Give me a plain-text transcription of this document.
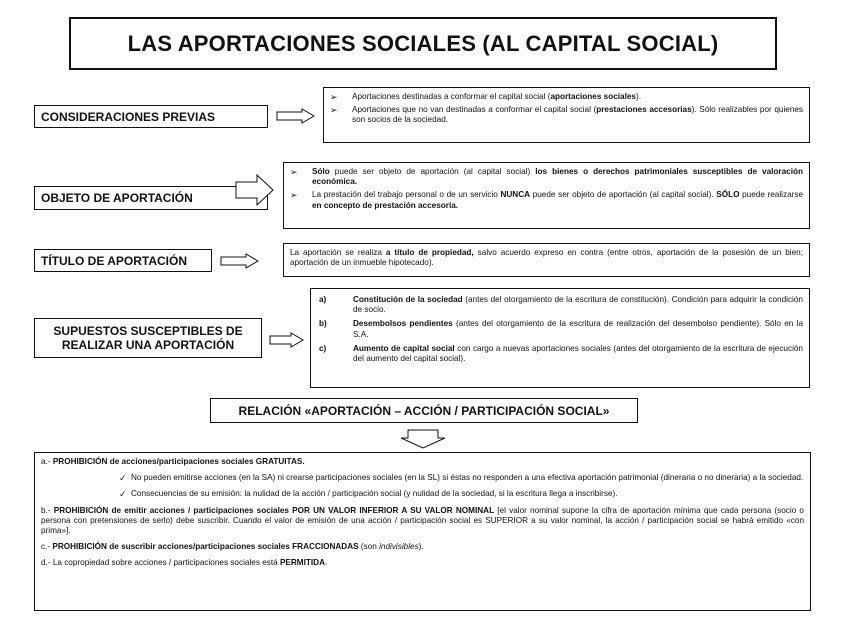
LAS APORTACIONES SOCIALES (AL CAPITAL SOCIAL)
CONSIDERACIONES PREVIAS
➢	Aportaciones destinadas a conformar el capital social (aportaciones sociales).
➢	Aportaciones que no van destinadas a conformar el capital social (prestaciones accesorias). Sólo realizables por quienes son socios de la sociedad.
OBJETO DE APORTACIÓN
➢	Sólo puede ser objeto de aportación (al capital social) los bienes o derechos patrimoniales susceptibles de valoración económica.
➢	La prestación del trabajo personal o de un servicio NUNCA puede ser objeto de aportación (al capital social). SÓLO puede realizarse en concepto de prestación accesoria.
TÍTULO DE APORTACIÓN
La aportación se realiza a título de propiedad, salvo acuerdo expreso en contra (entre otros, aportación de la posesión de un bien; aportación de un inmueble hipotecado).
SUPUESTOS SUSCEPTIBLES DE
REALIZAR UNA APORTACIÓN
a)	Constitución de la sociedad (antes del otorgamiento de la escritura de constitución). Condición para adquirir la condición de socio.
b)	Desembolsos pendientes (antes del otorgamiento de la escritura de realización del desembolso pendiente). Sólo en la S.A.
c)	Aumento de capital social con cargo a nuevas aportaciones sociales (antes del otorgamiento de la escritura de ejecución del aumento del capital social).
RELACIÓN «APORTACIÓN – ACCIÓN / PARTICIPACIÓN SOCIAL»

a.- PROHIBICIÓN de acciones/participaciones sociales GRATUITAS.

✓ No pueden emitirse acciones (en la SA) ni crearse participaciones sociales (en la SL) si éstas no responden a una efectiva aportación patrimonial (dineraria o no dineraria) a la sociedad.
✓ Consecuencias de su emisión: la nulidad de la acción / participación social (y nulidad de la sociedad, si la escritura llega a inscribirse).

b.- PROHIBICIÓN de emitir acciones / participaciones sociales POR UN VALOR INFERIOR A SU VALOR NOMINAL [el valor nominal supone la cifra de aportación mínima que cada persona (socio o persona con pretensiones de serlo) debe suscribir. Cuando el valor de emisión de una acción / participación social es SUPERIOR a su valor nominal, la acción / participación social se habrá emitido «con prima»].

c.- PROHIBICIÓN de suscribir acciones/participaciones sociales FRACCIONADAS (son indivisibles).

d.- La copropiedad sobre acciones / participaciones sociales está PERMITIDA.
